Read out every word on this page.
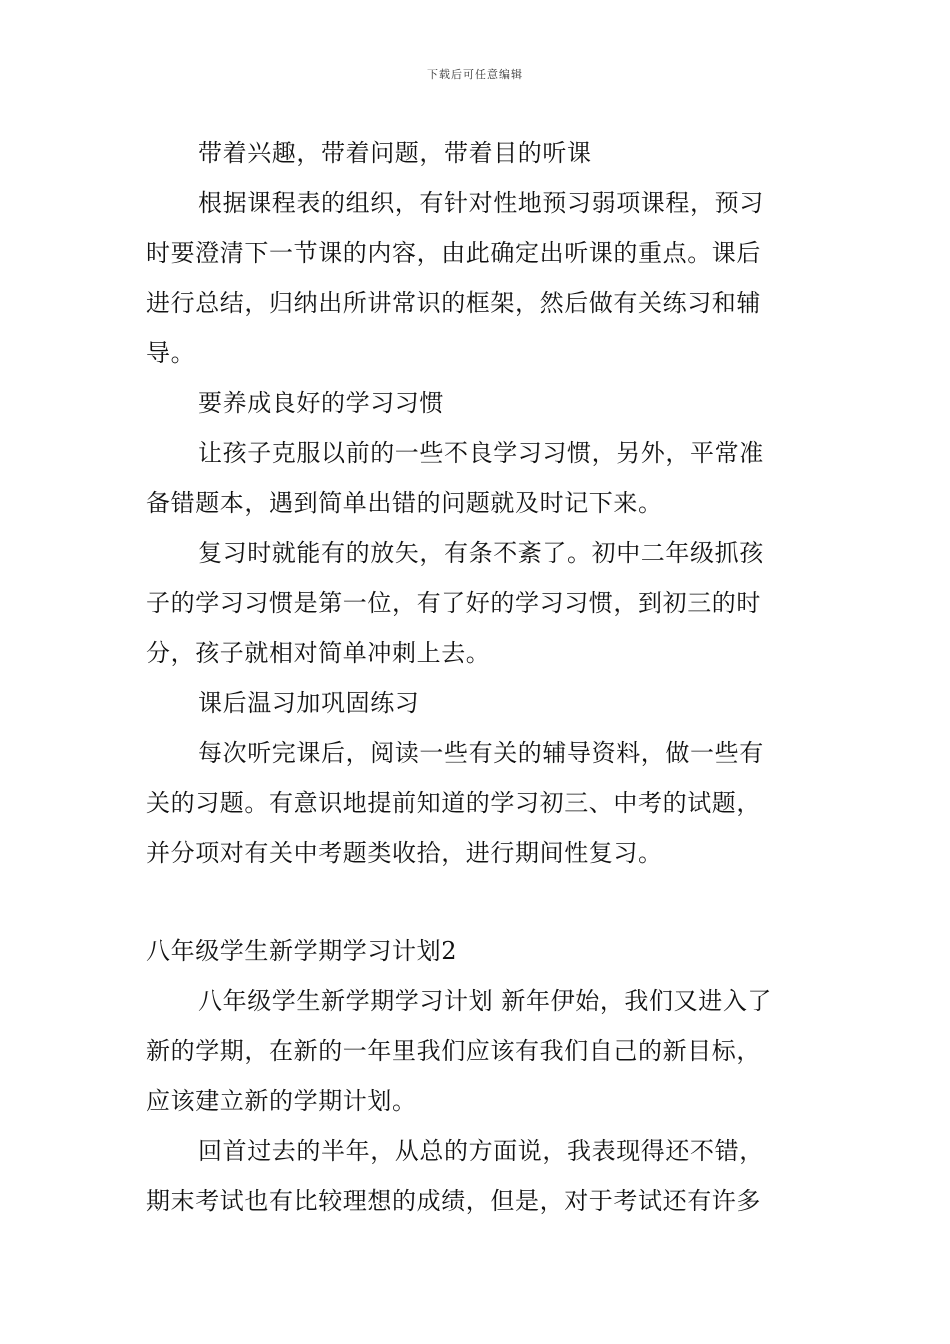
下载后可任意编辑
带着兴趣，带着问题，带着目的听课
根据课程表的组织，有针对性地预习弱项课程，预习
时要澄清下一节课的内容，由此确定出听课的重点。课后
进行总结，归纳出所讲常识的框架，然后做有关练习和辅
导。
要养成良好的学习习惯
让孩子克服以前的一些不良学习习惯，另外，平常准
备错题本，遇到简单出错的问题就及时记下来。
复习时就能有的放矢，有条不紊了。初中二年级抓孩
子的学习习惯是第一位，有了好的学习习惯，到初三的时
分，孩子就相对简单冲刺上去。
课后温习加巩固练习
每次听完课后，阅读一些有关的辅导资料，做一些有
关的习题。有意识地提前知道的学习初三、中考的试题，
并分项对有关中考题类收拾，进行期间性复习。
八年级学生新学期学习计划2
八年级学生新学期学习计划 新年伊始，我们又进入了
新的学期，在新的一年里我们应该有我们自己的新目标，
应该建立新的学期计划。
回首过去的半年，从总的方面说，我表现得还不错，
期末考试也有比较理想的成绩，但是，对于考试还有许多
